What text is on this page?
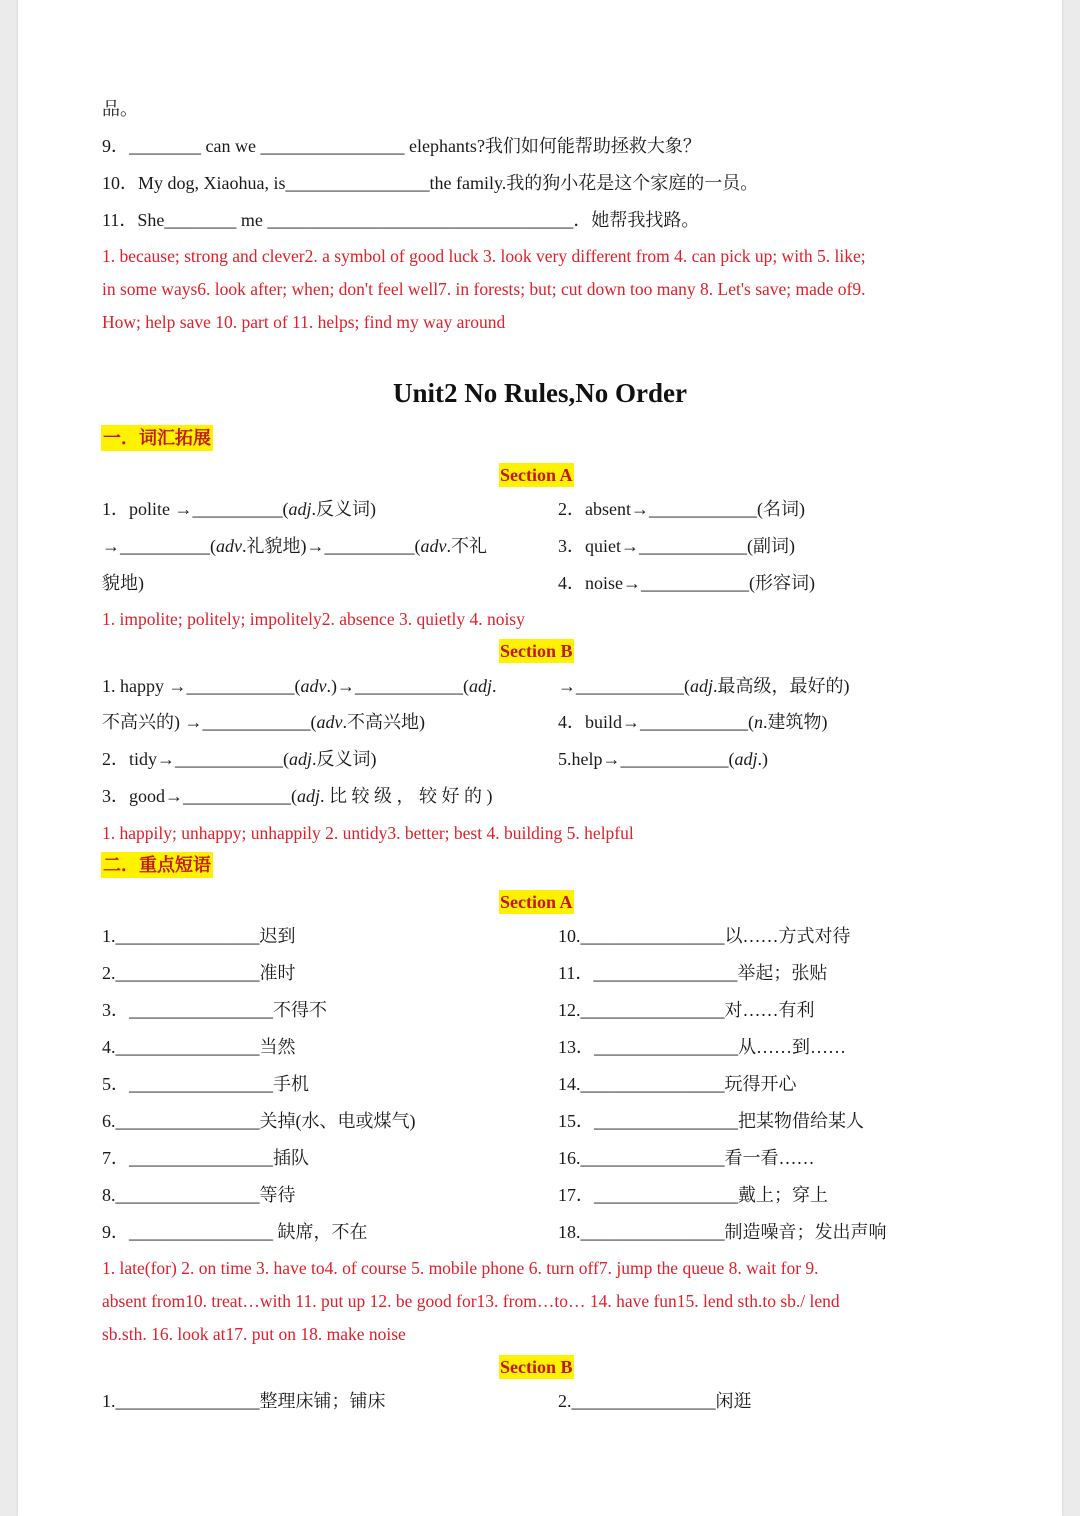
品。
9．________ can we ________________ elephants?我们如何能帮助拯救大象？
10．My dog, Xiaohua, is________________the family.我的狗小花是这个家庭的一员。
11．She________ me __________________________________．她帮我找路。
1. because; strong and clever2. a symbol of good luck 3. look very different from 4. can pick up; with 5. like;
in some ways6. look after; when; don't feel well7. in forests; but; cut down too many 8. Let's save; made of9.
How; help save 10. part of 11. helps; find my way around
Unit2 No Rules,No Order
一．词汇拓展
Section A
1．polite →__________(adj.反义词)
→__________(adv.礼貌地)→__________(adv.不礼
貌地)
2．absent→____________(名词)
3．quiet→____________(副词)
4．noise→____________(形容词)
1. impolite; politely; impolitely2. absence 3. quietly 4. noisy
Section B
1. happy →____________(adv.)→____________(adj.
不高兴的) →____________(adv.不高兴地)
2．tidy→____________(adj.反义词)
3．good→____________(adj. 比 较 级 ， 较 好 的 )
→____________(adj.最高级，最好的)
4．build→____________(n.建筑物)
5.help→____________(adj.)
1. happily; unhappy; unhappily 2. untidy3. better; best 4. building 5. helpful
二．重点短语
Section A
1.________________迟到
2.________________准时
3．________________不得不
4.________________当然
5．________________手机
6.________________关掉(水、电或煤气)
7．________________插队
8.________________等待
9．________________ 缺席，不在
10.________________以……方式对待
11．________________举起；张贴
12.________________对……有利
13．________________从……到……
14.________________玩得开心
15．________________把某物借给某人
16.________________看一看……
17．________________戴上；穿上
18.________________制造噪音；发出声响
1. late(for) 2. on time 3. have to4. of course 5. mobile phone 6. turn off7. jump the queue 8. wait for 9.
absent from10. treat…with 11. put up 12. be good for13. from…to… 14. have fun15. lend sth.to sb./ lend
sb.sth. 16. look at17. put on 18. make noise
Section B
1.________________整理床铺；铺床	2.________________闲逛
